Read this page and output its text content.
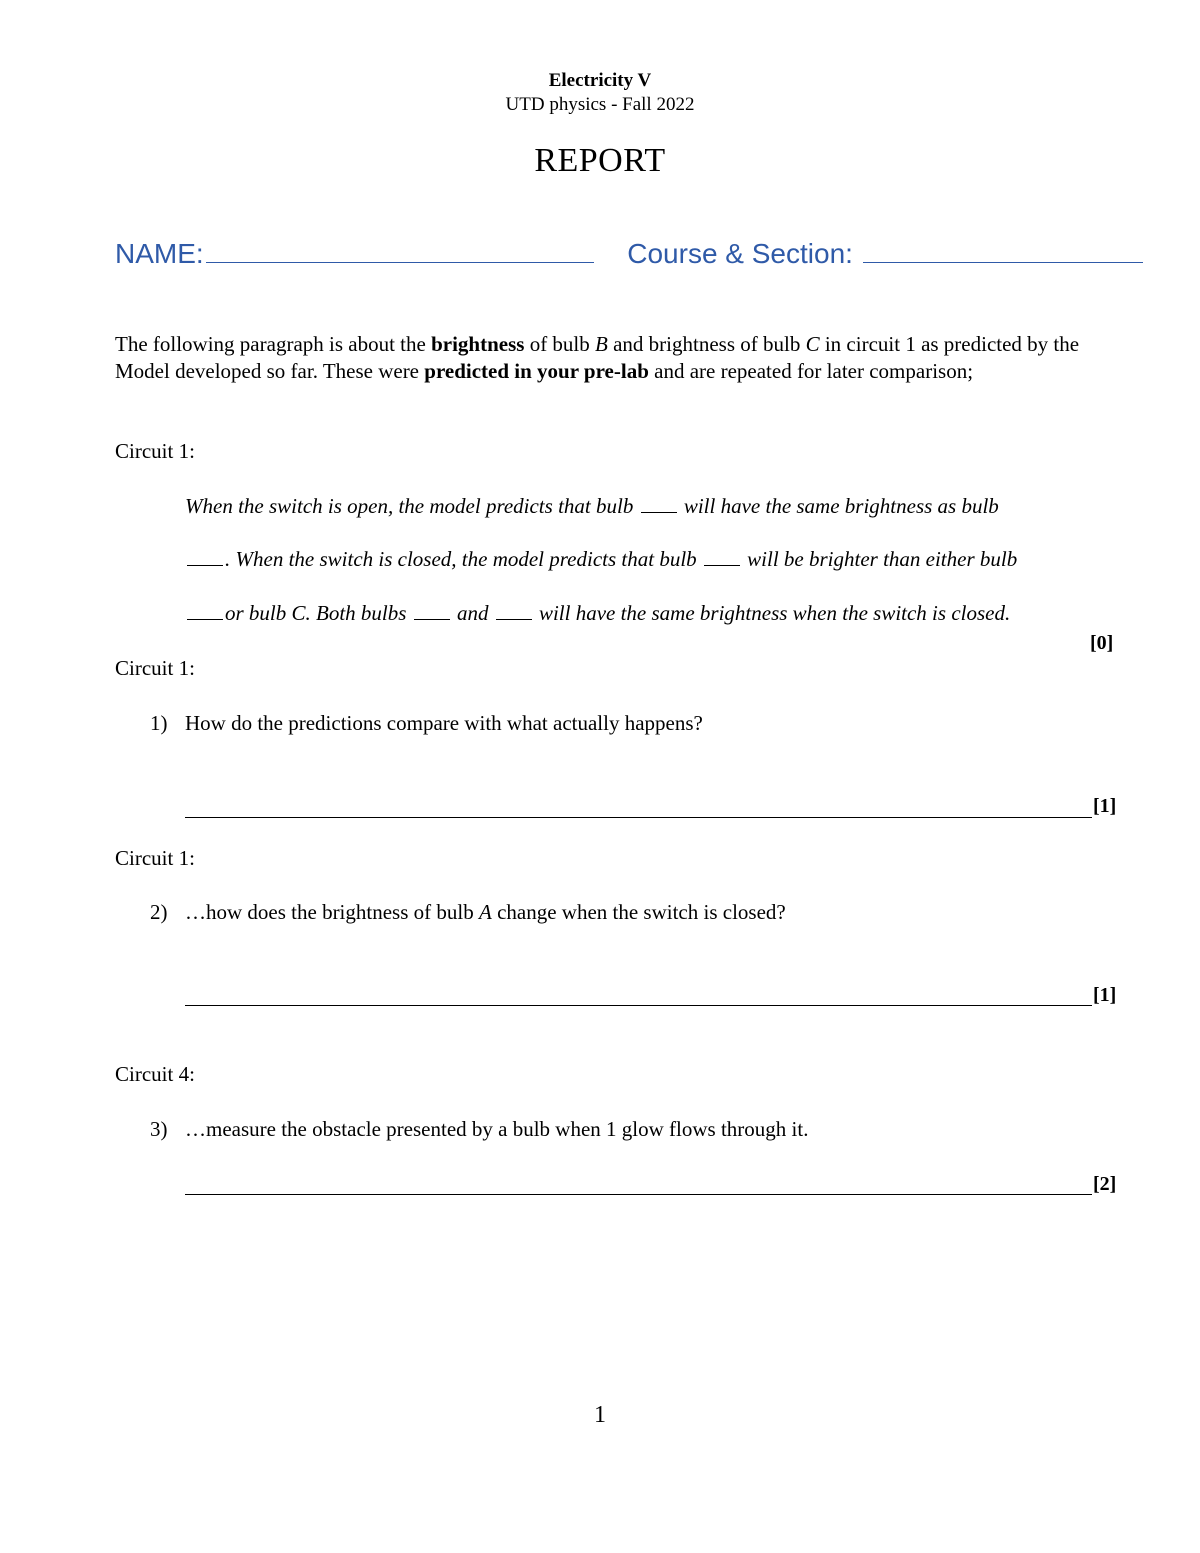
Electricity V
UTD physics - Fall 2022
REPORT
NAME:	Course & Section:
The following paragraph is about the brightness of bulb B and brightness of bulb C in circuit 1 as predicted by the Model developed so far. These were predicted in your pre-lab and are repeated for later comparison;
Circuit 1:
When the switch is open, the model predicts that bulb  will have the same brightness as bulb
. When the switch is closed, the model predicts that bulb  will be brighter than either bulb
or bulb C. Both bulbs  and  will have the same brightness when the switch is closed.
[0]
Circuit 1:
1) How do the predictions compare with what actually happens?
[1]
Circuit 1:
2) …how does the brightness of bulb A change when the switch is closed?
[1]
Circuit 4:
3) …measure the obstacle presented by a bulb when 1 glow flows through it.
[2]
1
